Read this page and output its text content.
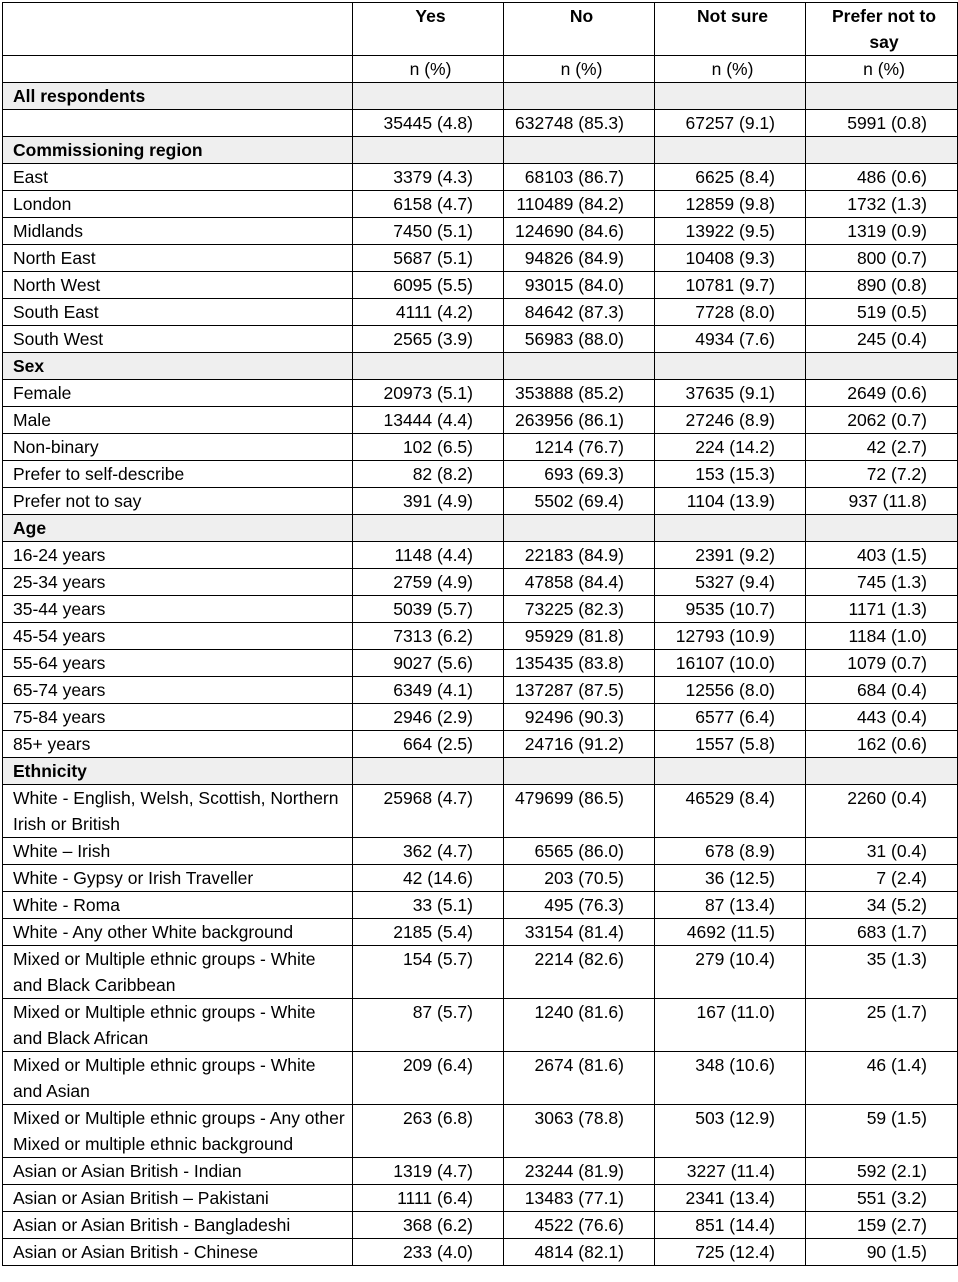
	Yes	No	Not sure	Prefer not to say
	n (%)	n (%)	n (%)	n (%)
All respondents				
	35445 (4.8)	632748 (85.3)	67257 (9.1)	5991 (0.8)
Commissioning region				
East	3379 (4.3)	68103 (86.7)	6625 (8.4)	486 (0.6)
London	6158 (4.7)	110489 (84.2)	12859 (9.8)	1732 (1.3)
Midlands	7450 (5.1)	124690 (84.6)	13922 (9.5)	1319 (0.9)
North East	5687 (5.1)	94826 (84.9)	10408 (9.3)	800 (0.7)
North West	6095 (5.5)	93015 (84.0)	10781 (9.7)	890 (0.8)
South East	4111 (4.2)	84642 (87.3)	7728 (8.0)	519 (0.5)
South West	2565 (3.9)	56983 (88.0)	4934 (7.6)	245 (0.4)
Sex				
Female	20973 (5.1)	353888 (85.2)	37635 (9.1)	2649 (0.6)
Male	13444 (4.4)	263956 (86.1)	27246 (8.9)	2062 (0.7)
Non-binary	102 (6.5)	1214 (76.7)	224 (14.2)	42 (2.7)
Prefer to self-describe	82 (8.2)	693 (69.3)	153 (15.3)	72 (7.2)
Prefer not to say	391 (4.9)	5502 (69.4)	1104 (13.9)	937 (11.8)
Age				
16-24 years	1148 (4.4)	22183 (84.9)	2391 (9.2)	403 (1.5)
25-34 years	2759 (4.9)	47858 (84.4)	5327 (9.4)	745 (1.3)
35-44 years	5039 (5.7)	73225 (82.3)	9535 (10.7)	1171 (1.3)
45-54 years	7313 (6.2)	95929 (81.8)	12793 (10.9)	1184 (1.0)
55-64 years	9027 (5.6)	135435 (83.8)	16107 (10.0)	1079 (0.7)
65-74 years	6349 (4.1)	137287 (87.5)	12556 (8.0)	684 (0.4)
75-84 years	2946 (2.9)	92496 (90.3)	6577 (6.4)	443 (0.4)
85+ years	664 (2.5)	24716 (91.2)	1557 (5.8)	162 (0.6)
Ethnicity				
White - English, Welsh, Scottish, Northern Irish or British	25968 (4.7)	479699 (86.5)	46529 (8.4)	2260 (0.4)
White – Irish	362 (4.7)	6565 (86.0)	678 (8.9)	31 (0.4)
White - Gypsy or Irish Traveller	42 (14.6)	203 (70.5)	36 (12.5)	7 (2.4)
White - Roma	33 (5.1)	495 (76.3)	87 (13.4)	34 (5.2)
White - Any other White background	2185 (5.4)	33154 (81.4)	4692 (11.5)	683 (1.7)
Mixed or Multiple ethnic groups - White and Black Caribbean	154 (5.7)	2214 (82.6)	279 (10.4)	35 (1.3)
Mixed or Multiple ethnic groups - White and Black African	87 (5.7)	1240 (81.6)	167 (11.0)	25 (1.7)
Mixed or Multiple ethnic groups - White and Asian	209 (6.4)	2674 (81.6)	348 (10.6)	46 (1.4)
Mixed or Multiple ethnic groups - Any other Mixed or multiple ethnic background	263 (6.8)	3063 (78.8)	503 (12.9)	59 (1.5)
Asian or Asian British - Indian	1319 (4.7)	23244 (81.9)	3227 (11.4)	592 (2.1)
Asian or Asian British – Pakistani	1111 (6.4)	13483 (77.1)	2341 (13.4)	551 (3.2)
Asian or Asian British - Bangladeshi	368 (6.2)	4522 (76.6)	851 (14.4)	159 (2.7)
Asian or Asian British - Chinese	233 (4.0)	4814 (82.1)	725 (12.4)	90 (1.5)
